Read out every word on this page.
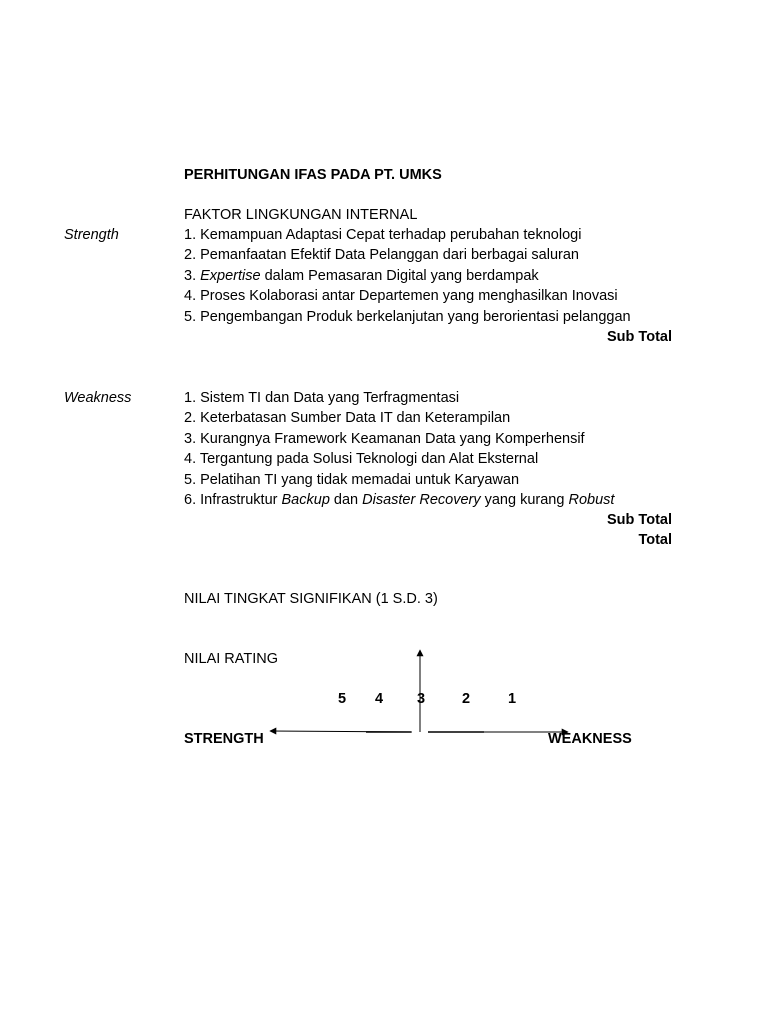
PERHITUNGAN IFAS PADA PT. UMKS
FAKTOR LINGKUNGAN INTERNAL
Strength	1. Kemampuan Adaptasi Cepat terhadap perubahan teknologi
2. Pemanfaatan Efektif Data Pelanggan dari berbagai saluran
3. Expertise dalam Pemasaran Digital yang berdampak
4. Proses Kolaborasi antar Departemen yang menghasilkan Inovasi
5. Pengembangan Produk berkelanjutan yang berorientasi pelanggan
Sub Total
Weakness	1. Sistem TI dan Data yang Terfragmentasi
2. Keterbatasan Sumber Data IT dan Keterampilan
3. Kurangnya Framework Keamanan Data yang Komperhensif
4. Tergantung pada Solusi Teknologi dan Alat Eksternal
5. Pelatihan TI yang tidak memadai untuk Karyawan
6. Infrastruktur Backup dan Disaster Recovery yang kurang Robust
Sub Total
Total
NILAI TINGKAT SIGNIFIKAN (1 S.D. 3)
NILAI RATING
5 4 3	2	1
STRENGTH	WEAKNESS
